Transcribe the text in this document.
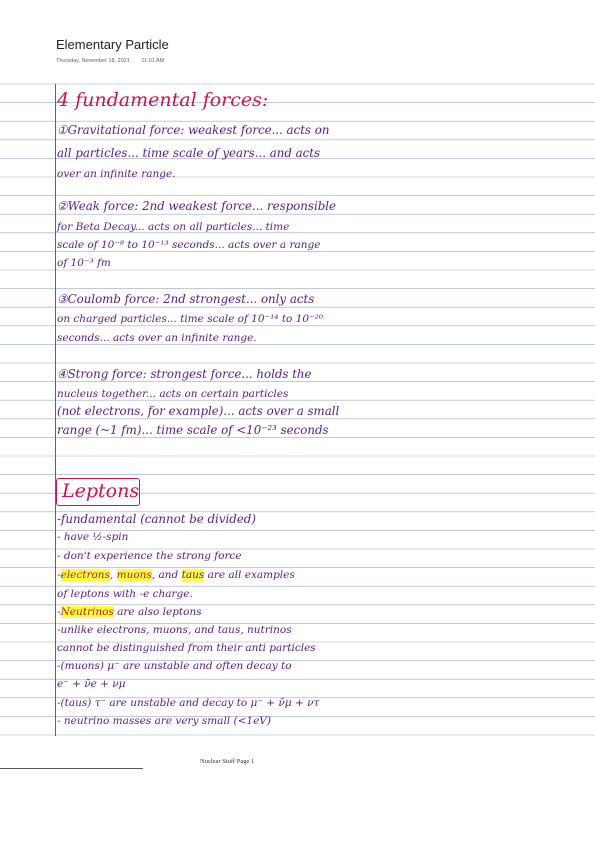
Elementary Particle
Thursday, November 18, 2021 11:01 AM
4 fundamental forces:
①Gravitational force: weakest force... acts on
all particles... time scale of years... and acts
over an infinite range.
②Weak force: 2nd weakest force... responsible
for Beta Decay... acts on all particles... time
scale of 10⁻⁸ to 10⁻¹³ seconds... acts over a range
of 10⁻³ fm
③Coulomb force: 2nd strongest... only acts
on charged particles... time scale of 10⁻¹⁴ to 10⁻²⁰
seconds... acts over an infinite range.
④Strong force: strongest force... holds the
nucleus together... acts on certain particles
(not electrons, for example)... acts over a small
range (~1 fm)... time scale of <10⁻²³ seconds
Leptons
-fundamental (cannot be divided)
- have ½-spin
- don't experience the strong force
-electrons, muons, and taus are all examples
of leptons with -e charge.
-Neutrinos are also leptons
-unlike electrons, muons, and taus, nutrinos
cannot be distinguished from their anti particles
-(muons) μ⁻ are unstable and often decay to
e⁻ + ν̄e + νμ
-(taus) τ⁻ are unstable and decay to μ⁻ + ν̄μ + ντ
- neutrino masses are very small (<1eV)
Nuclear Stuff Page 1
